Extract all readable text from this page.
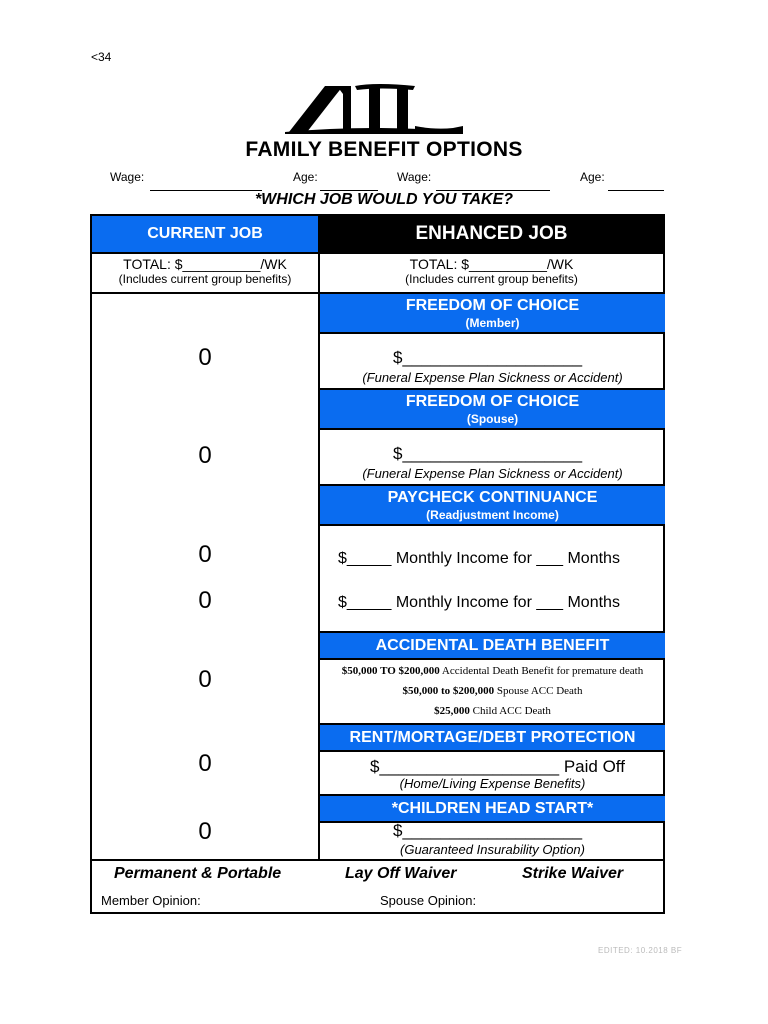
<34
FAMILY BENEFIT OPTIONS
Wage:	Age:	Wage:	Age:
*WHICH JOB WOULD YOU TAKE?
CURRENT JOB	ENHANCED JOB
TOTAL: $__________/WK
(Includes current group benefits)
TOTAL: $__________/WK
(Includes current group benefits)
FREEDOM OF CHOICE
(Member)
0	$___________________
(Funeral Expense Plan Sickness or Accident)
FREEDOM OF CHOICE
(Spouse)
0	$___________________
(Funeral Expense Plan Sickness or Accident)
PAYCHECK CONTINUANCE
(Readjustment Income)
0	$_____ Monthly Income for ___ Months
0	$_____ Monthly Income for ___ Months
ACCIDENTAL DEATH BENEFIT
0	$50,000 TO $200,000 Accidental Death Benefit for premature death
$50,000 to $200,000 Spouse ACC Death
$25,000 Child ACC Death
RENT/MORTAGE/DEBT PROTECTION
0	$___________________ Paid Off
(Home/Living Expense Benefits)
*CHILDREN HEAD START*
0	$___________________
(Guaranteed Insurability Option)
Permanent & Portable	Lay Off Waiver	Strike Waiver
Member Opinion:	Spouse Opinion:
EDITED: 10.2018 BF
